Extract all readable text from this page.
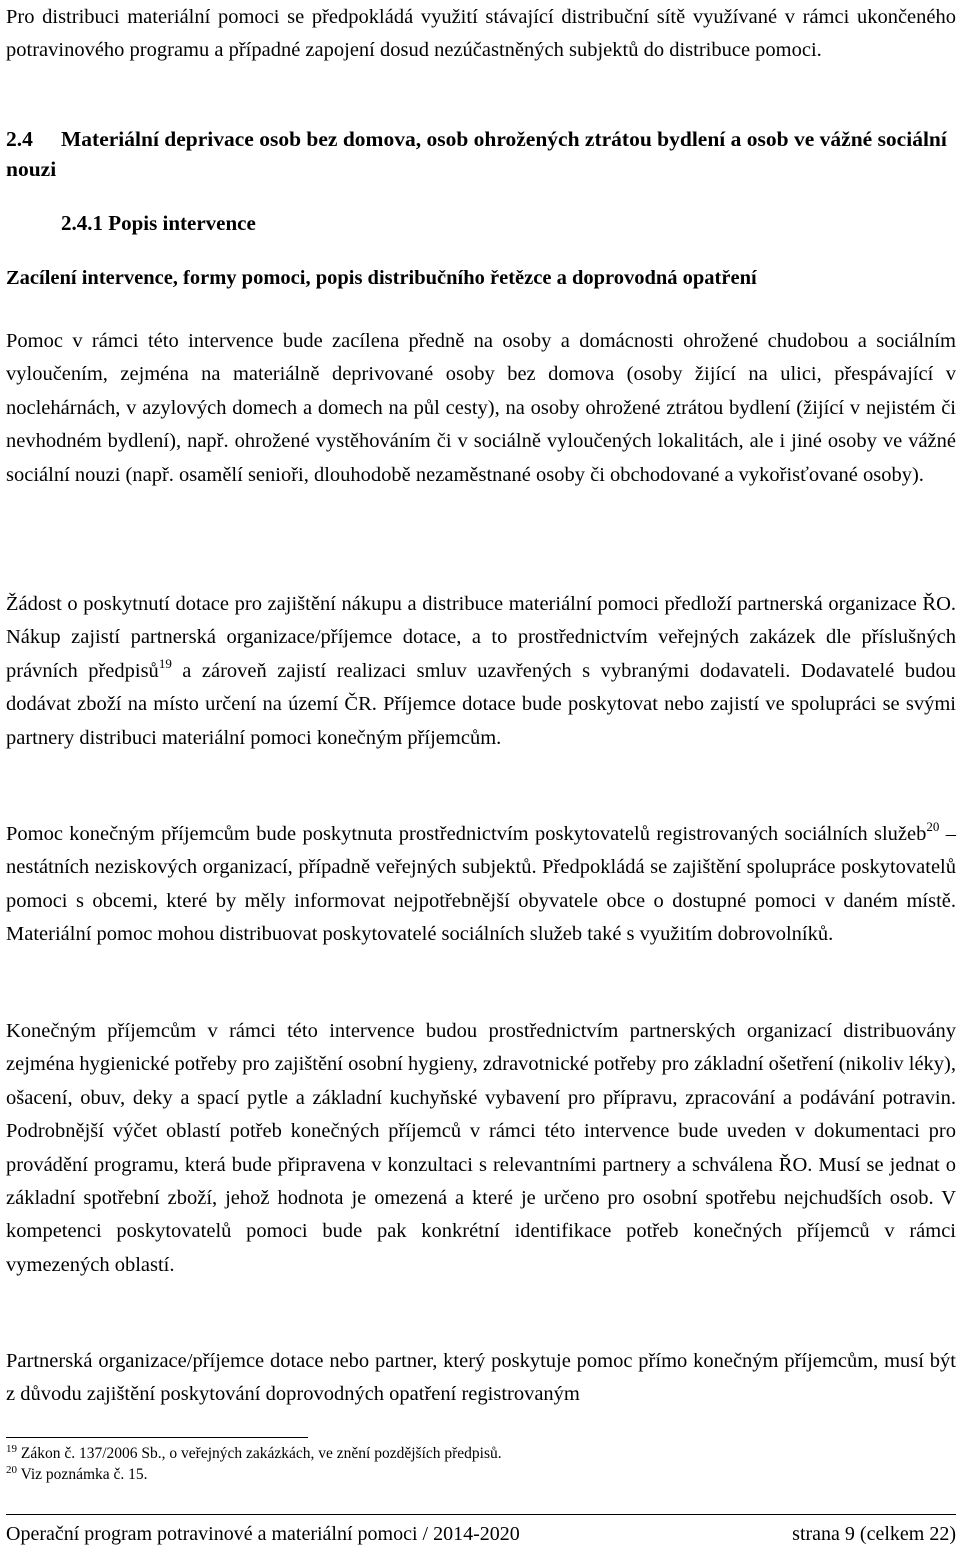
Pro distribuci materiální pomoci se předpokládá využití stávající distribuční sítě využívané v rámci ukončeného potravinového programu a případné zapojení dosud nezúčastněných subjektů do distribuce pomoci.

2.4 Materiální deprivace osob bez domova, osob ohrožených ztrátou bydlení a osob ve vážné sociální nouzi
2.4.1 Popis intervence
Zacílení intervence, formy pomoci, popis distribučního řetězce a doprovodná opatření

Pomoc v rámci této intervence bude zacílena předně na osoby a domácnosti ohrožené chudobou a sociálním vyloučením, zejména na materiálně deprivované osoby bez domova (osoby žijící na ulici, přespávající v noclehárnách, v azylových domech a domech na půl cesty), na osoby ohrožené ztrátou bydlení (žijící v nejistém či nevhodném bydlení), např. ohrožené vystěhováním či v sociálně vyloučených lokalitách, ale i jiné osoby ve vážné sociální nouzi (např. osamělí senioři, dlouhodobě nezaměstnané osoby či obchodované a vykořisťované osoby).

Žádost o poskytnutí dotace pro zajištění nákupu a distribuce materiální pomoci předloží partnerská organizace ŘO. Nákup zajistí partnerská organizace/příjemce dotace, a to prostřednictvím veřejných zakázek dle příslušných právních předpisů$^{19}$ a zároveň zajistí realizaci smluv uzavřených s vybranými dodavateli. Dodavatelé budou dodávat zboží na místo určení na území ČR. Příjemce dotace bude poskytovat nebo zajistí ve spolupráci se svými partnery distribuci materiální pomoci konečným příjemcům.

Pomoc konečným příjemcům bude poskytnuta prostřednictvím poskytovatelů registrovaných sociálních služeb$^{20}$ – nestátních neziskových organizací, případně veřejných subjektů. Předpokládá se zajištění spolupráce poskytovatelů pomoci s obcemi, které by měly informovat nejpotřebnější obyvatele obce o dostupné pomoci v daném místě. Materiální pomoc mohou distribuovat poskytovatelé sociálních služeb také s využitím dobrovolníků.

Konečným příjemcům v rámci této intervence budou prostřednictvím partnerských organizací distribuovány zejména hygienické potřeby pro zajištění osobní hygieny, zdravotnické potřeby pro základní ošetření (nikoliv léky), ošacení, obuv, deky a spací pytle a základní kuchyňské vybavení pro přípravu, zpracování a podávání potravin. Podrobnější výčet oblastí potřeb konečných příjemců v rámci této intervence bude uveden v dokumentaci pro provádění programu, která bude připravena v konzultaci s relevantními partnery a schválena ŘO. Musí se jednat o základní spotřební zboží, jehož hodnota je omezená a které je určeno pro osobní spotřebu nejchudších osob. V kompetenci poskytovatelů pomoci bude pak konkrétní identifikace potřeb konečných příjemců v rámci vymezených oblastí.

Partnerská organizace/příjemce dotace nebo partner, který poskytuje pomoc přímo konečným příjemcům, musí být z důvodu zajištění poskytování doprovodných opatření registrovaným

$^{19}$ Zákon č. 137/2006 Sb., o veřejných zakázkách, ve znění pozdějších předpisů.

$^{20}$ Viz poznámka č. 15.

Operační program potravinové a materiální pomoci / 2014-2020	strana 9 (celkem 22)
